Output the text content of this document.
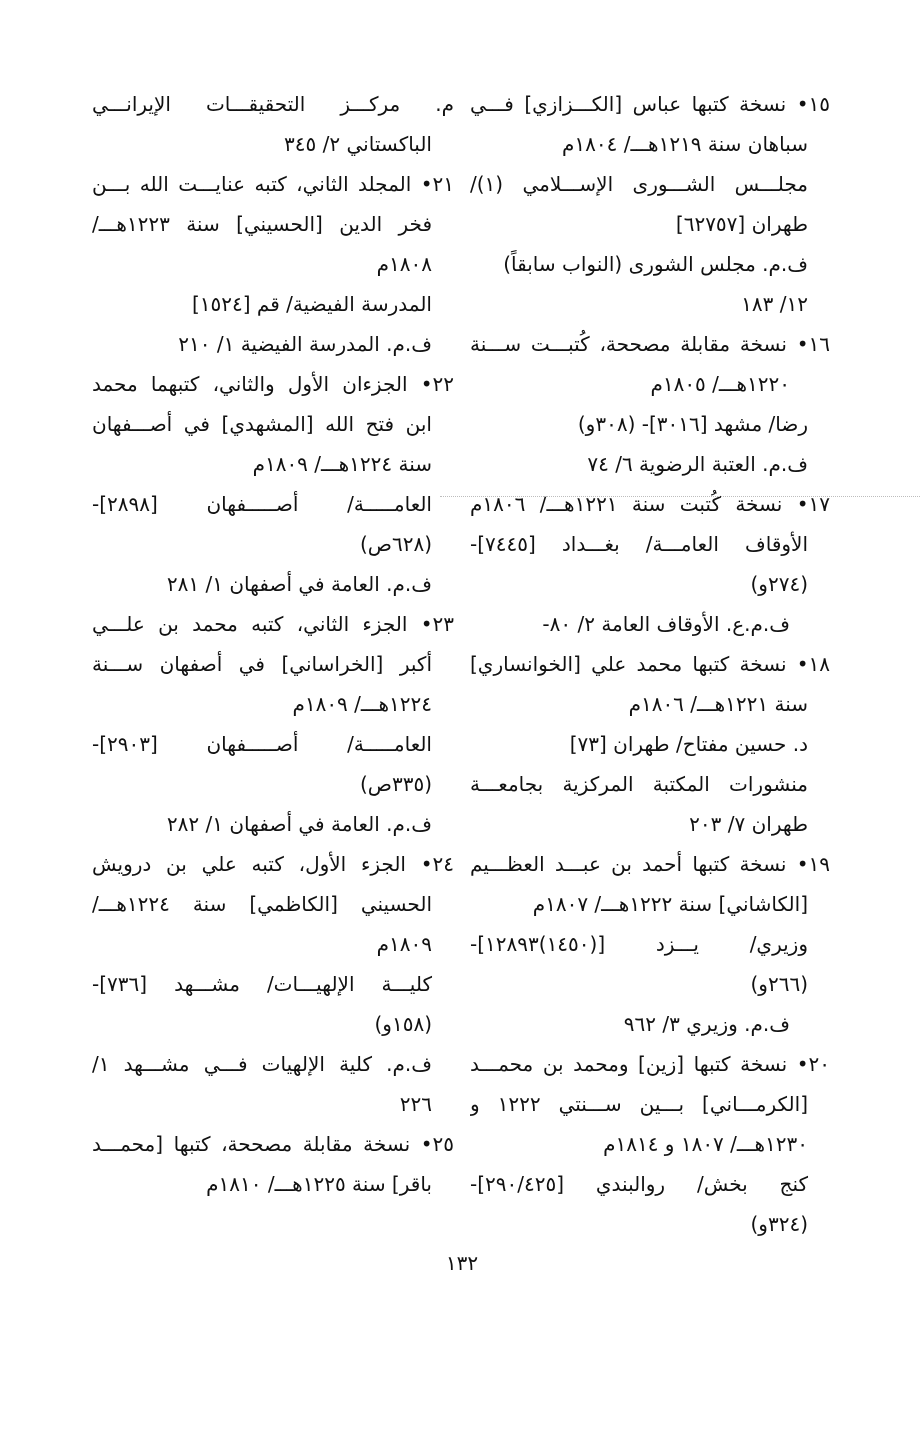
١٥• نسخة كتبها عباس [الكـــزازي] فـــي
سباهان سنة ١٢١٩هـــ/ ١٨٠٤م
مجلـــس الشـــورى الإســـلامي (١)/
طهران [٦٢٧٥٧]
ف.م. مجلس الشورى (النواب سابقاً)
١٢/ ١٨٣
١٦• نسخة مقابلة مصححة، كُتبـــت ســـنة
١٢٢٠هـــ/ ١٨٠٥م
رضا/ مشهد [٣٠١٦]- (٣٠٨و)
ف.م. العتبة الرضوية ٦/ ٧٤
١٧• نسخة كُتبت سنة ١٢٢١هـــ/ ١٨٠٦م
الأوقاف العامـــة/ بغـــداد [٧٤٤٥]-
(٢٧٤و)
ف.م.ع. الأوقاف العامة ٢/ ٨٠-
١٨• نسخة كتبها محمد علي [الخوانساري]
سنة ١٢٢١هـــ/ ١٨٠٦م
د. حسين مفتاح/ طهران [٧٣]
منشورات المكتبة المركزية بجامعـــة
طهران ٧/ ٢٠٣
١٩• نسخة كتبها أحمد بن عبـــد العظـــيم
[الكاشاني] سنة ١٢٢٢هـــ/ ١٨٠٧م
وزيري/ يـــزد [(١٤٥٠)١٢٨٩٣]-
(٢٦٦و)
ف.م. وزيري ٣/ ٩٦٢
٢٠• نسخة كتبها [زين] ومحمد بن محمـــد
[الكرمـــاني] بـــين ســـنتي ١٢٢٢ و
١٢٣٠هـــ/ ١٨٠٧ و ١٨١٤م
كنج بخش/ روالبندي [٢٩٠/٤٢٥]-
(٣٢٤و)
م. مركـــز التحقيقـــات الإيرانـــي
الباكستاني ٢/ ٣٤٥
٢١• المجلد الثاني، كتبه عنايـــت الله بـــن
فخر الدين [الحسيني] سنة ١٢٢٣هـــ/
١٨٠٨م
المدرسة الفيضية/ قم [١٥٢٤]
ف.م. المدرسة الفيضية ١/ ٢١٠
٢٢• الجزءان الأول والثاني، كتبهما محمد
ابن فتح الله [المشهدي] في أصـــفهان
سنة ١٢٢٤هـــ/ ١٨٠٩م
العامـــــة/ أصـــــفهان [٢٨٩٨]-
(٦٢٨ص)
ف.م. العامة في أصفهان ١/ ٢٨١
٢٣• الجزء الثاني، كتبه محمد بن علـــي
أكبر [الخراساني] في أصفهان ســـنة
١٢٢٤هـــ/ ١٨٠٩م
العامـــــة/ أصـــــفهان [٢٩٠٣]-
(٣٣٥ص)
ف.م. العامة في أصفهان ١/ ٢٨٢
٢٤• الجزء الأول، كتبه علي بن درويش
الحسيني [الكاظمي] سنة ١٢٢٤هـــ/
١٨٠٩م
كليـــة الإلهيـــات/ مشـــهد [٧٣٦]-
(١٥٨و)
ف.م. كلية الإلهيات فـــي مشـــهد ١/
٢٢٦
٢٥• نسخة مقابلة مصححة، كتبها [محمـــد
باقر] سنة ١٢٢٥هـــ/ ١٨١٠م
١٣٢
